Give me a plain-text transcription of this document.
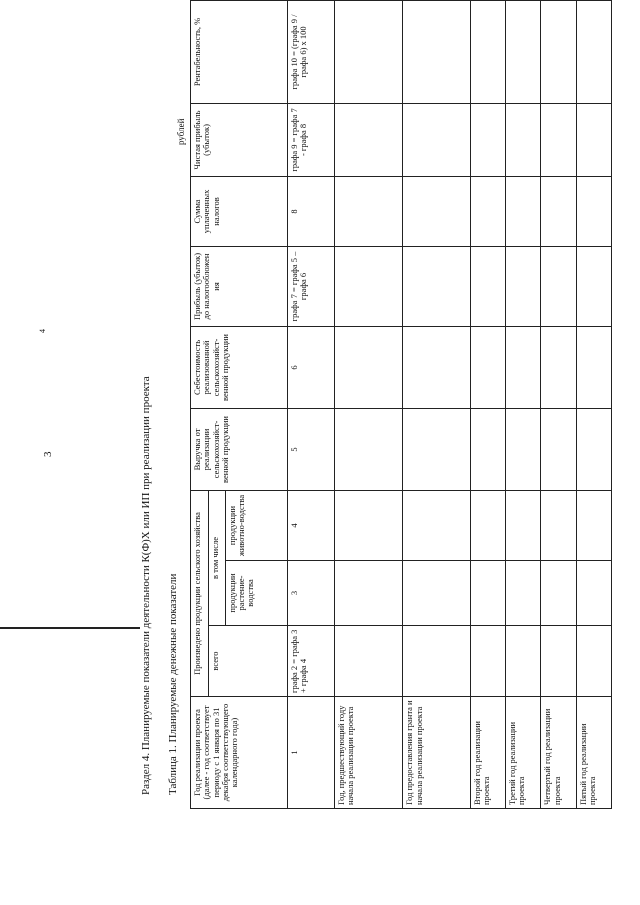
3
4
Раздел 4. Планируемые показатели деятельности К(Ф)Х или ИП при реализации проекта Таблица 1. Планируемые денежные показатели
рублей
Год реализации проекта (далее - год соответствует периоду с 1 января по 31 декабря соответствующего календарного года)	Произведено продукции сельского хозяйства			Выручка от реализации сельскохозяйст-венной продукции	Себестоимость реализованной сельскохозяйст-венной продукции	Прибыль (убыток) до налогообложен ия	Сумма уплаченных налогов	Чистая прибыль (убыток)	Рентабельность, %
	всего	в том числе							
		продукции растение-водства	продукции животно-водства						
1	графа 2 = графа 3 + графа 4	3	4	5	6	графа 7 = графа 5 – графа 6	8	графа 9 = графа 7 - графа 8	графа 10 = (графа 9 / графа 6) x 100
Год, предшествующий году начала реализации проекта									
Год предоставления гранта и начала реализации проекта									
Второй год реализации проекта									
Третий год реализации проекта									
Четвертый год реализации проекта									
Пятый год реализации проекта									
